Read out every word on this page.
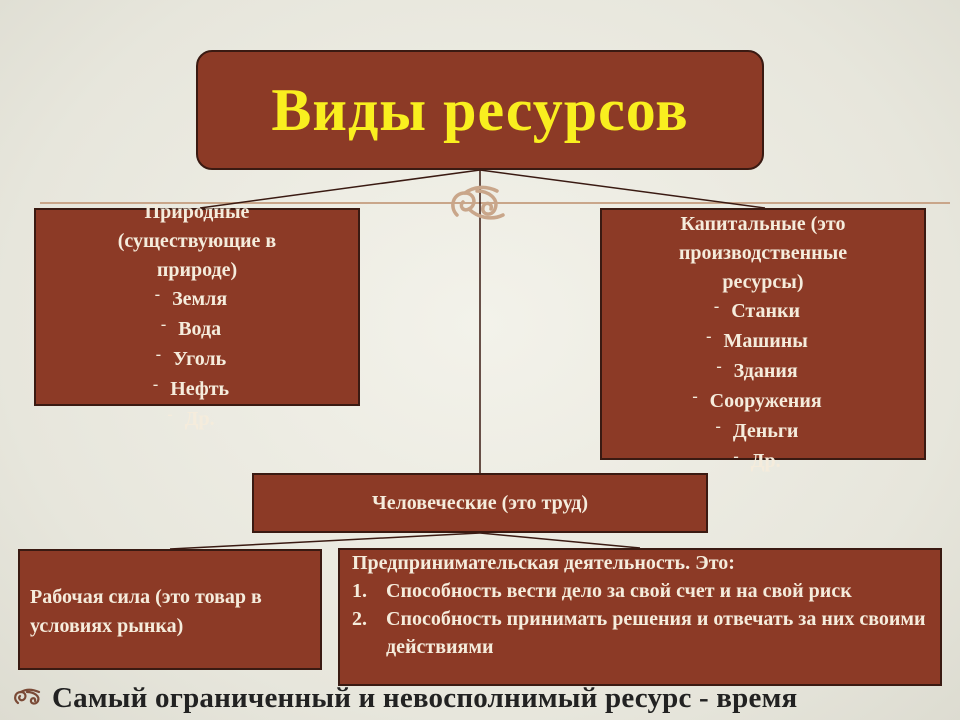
Виды ресурсов
Природные
(существующие в
природе)
- Земля
- Вода
- Уголь
- Нефть
- Др.
Капитальные (это
производственные
ресурсы)
- Станки
- Машины
- Здания
- Сооружения
- Деньги
- Др.
Человеческие (это труд)
Рабочая сила (это товар в условиях рынка)
Предпринимательская деятельность. Это:
1. Способность вести дело за свой счет и на свой риск
2. Способность принимать решения и отвечать за них своими действиями
Самый ограниченный и невосполнимый ресурс - время
